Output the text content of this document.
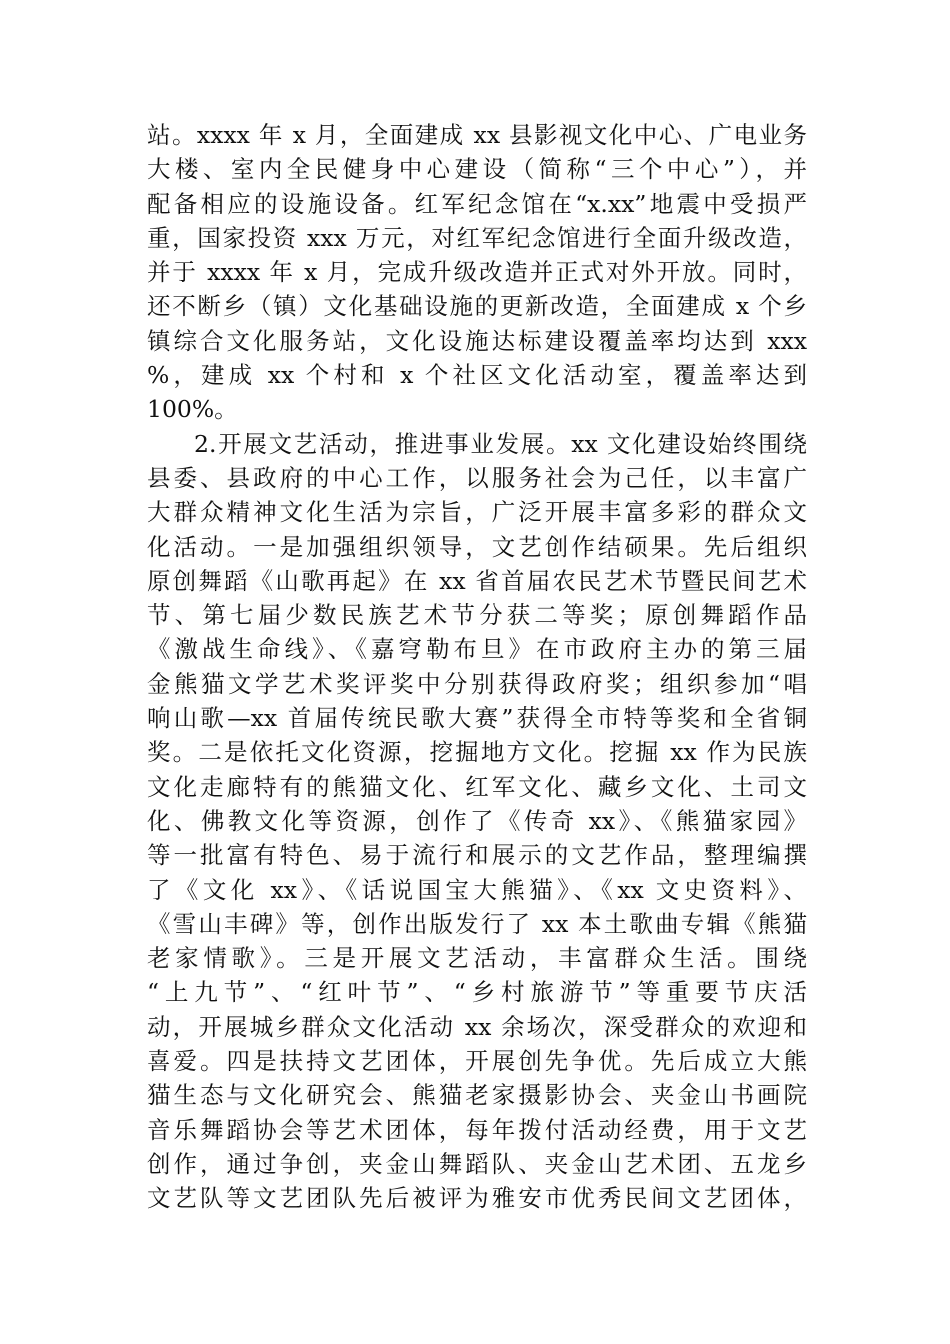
站。xxxx 年 x 月，全面建成 xx 县影视文化中心、广电业务
大楼、室内全民健身中心建设（简称“三个中心”），并
配备相应的设施设备。红军纪念馆在“x.xx”地震中受损严
重，国家投资 xxx 万元，对红军纪念馆进行全面升级改造，
并于 xxxx 年 x 月，完成升级改造并正式对外开放。同时，
还不断乡（镇）文化基础设施的更新改造，全面建成 x 个乡
镇综合文化服务站，文化设施达标建设覆盖率均达到 xxx
%，建成 xx 个村和 x 个社区文化活动室，覆盖率达到
100%。
2.开展文艺活动，推进事业发展。xx 文化建设始终围绕
县委、县政府的中心工作，以服务社会为己任，以丰富广
大群众精神文化生活为宗旨，广泛开展丰富多彩的群众文
化活动。一是加强组织领导，文艺创作结硕果。先后组织
原创舞蹈《山歌再起》在 xx 省首届农民艺术节暨民间艺术
节、第七届少数民族艺术节分获二等奖；原创舞蹈作品
《激战生命线》、《嘉穹勒布旦》在市政府主办的第三届
金熊猫文学艺术奖评奖中分别获得政府奖；组织参加“唱
响山歌—xx 首届传统民歌大赛”获得全市特等奖和全省铜
奖。二是依托文化资源，挖掘地方文化。挖掘 xx 作为民族
文化走廊特有的熊猫文化、红军文化、藏乡文化、土司文
化、佛教文化等资源，创作了《传奇 xx》、《熊猫家园》
等一批富有特色、易于流行和展示的文艺作品，整理编撰
了《文化 xx》、《话说国宝大熊猫》、《xx 文史资料》、
《雪山丰碑》等，创作出版发行了 xx 本土歌曲专辑《熊猫
老家情歌》。三是开展文艺活动，丰富群众生活。围绕
“上九节”、“红叶节”、“乡村旅游节”等重要节庆活
动，开展城乡群众文化活动 xx 余场次，深受群众的欢迎和
喜爱。四是扶持文艺团体，开展创先争优。先后成立大熊
猫生态与文化研究会、熊猫老家摄影协会、夹金山书画院
音乐舞蹈协会等艺术团体，每年拨付活动经费，用于文艺
创作，通过争创，夹金山舞蹈队、夹金山艺术团、五龙乡
文艺队等文艺团队先后被评为雅安市优秀民间文艺团体，
